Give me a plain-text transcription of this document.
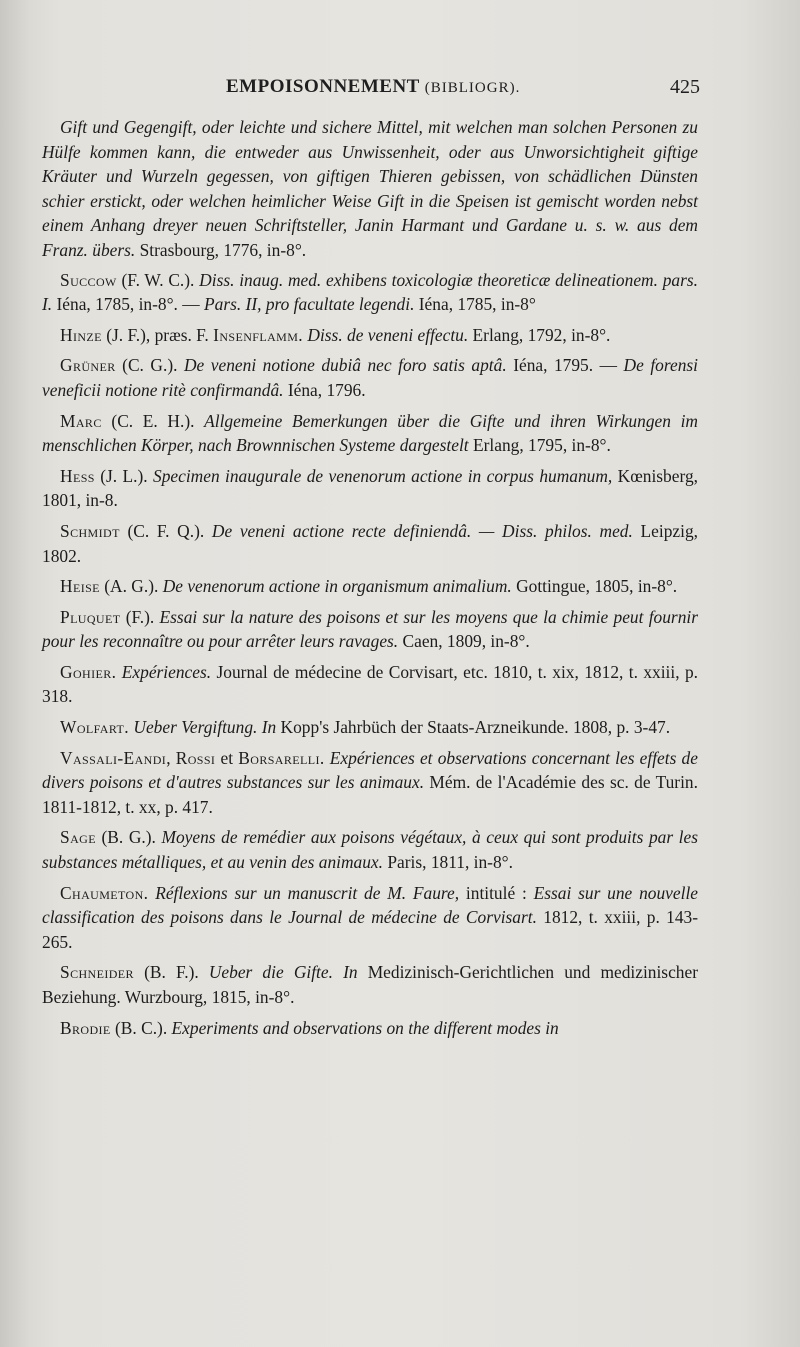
EMPOISONNEMENT (BIBLIOGR).	425

Gift und Gegengift, oder leichte und sichere Mittel, mit welchen man solchen Personen zu Hülfe kommen kann, die entweder aus Unwissenheit, oder aus Unworsichtigheit giftige Kräuter und Wurzeln gegessen, von giftigen Thieren gebissen, von schädlichen Dünsten schier erstickt, oder welchen heimlicher Weise Gift in die Speisen ist gemischt worden nebst einem Anhang dreyer neuen Schriftsteller, Janin Harmant und Gardane u. s. w. aus dem Franz. übers. Strasbourg, 1776, in-8°.

Succow (F. W. C.). Diss. inaug. med. exhibens toxicologiæ theoreticæ delineationem. pars. I. Iéna, 1785, in-8°. — Pars. II, pro facultate legendi. Iéna, 1785, in-8°

Hinze (J. F.), præs. F. Insenflamm. Diss. de veneni effectu. Erlang, 1792, in-8°.

Grüner (C. G.). De veneni notione dubiâ nec foro satis aptâ. Iéna, 1795. — De forensi veneficii notione ritè confirmandâ. Iéna, 1796.

Marc (C. E. H.). Allgemeine Bemerkungen über die Gifte und ihren Wirkungen im menschlichen Körper, nach Brownnischen Systeme dargestelt Erlang, 1795, in-8°.

Hess (J. L.). Specimen inaugurale de venenorum actione in corpus humanum, Kœnisberg, 1801, in-8.

Schmidt (C. F. Q.). De veneni actione recte definiendâ. — Diss. philos. med. Leipzig, 1802.

Heise (A. G.). De venenorum actione in organismum animalium. Gottingue, 1805, in-8°.

Pluquet (F.). Essai sur la nature des poisons et sur les moyens que la chimie peut fournir pour les reconnaître ou pour arrêter leurs ravages. Caen, 1809, in-8°.

Gohier. Expériences. Journal de médecine de Corvisart, etc. 1810, t. xix, 1812, t. xxiii, p. 318.

Wolfart. Ueber Vergiftung. In Kopp's Jahrbüch der Staats-Arzneikunde. 1808, p. 3-47.

Vassali-Eandi, Rossi et Borsarelli. Expériences et observations concernant les effets de divers poisons et d'autres substances sur les animaux. Mém. de l'Académie des sc. de Turin. 1811-1812, t. xx, p. 417.

Sage (B. G.). Moyens de remédier aux poisons végétaux, à ceux qui sont produits par les substances métalliques, et au venin des animaux. Paris, 1811, in-8°.

Chaumeton. Réflexions sur un manuscrit de M. Faure, intitulé : Essai sur une nouvelle classification des poisons dans le Journal de médecine de Corvisart. 1812, t. xxiii, p. 143-265.

Schneider (B. F.). Ueber die Gifte. In Medizinisch-Gerichtlichen und medizinischer Beziehung. Wurzbourg, 1815, in-8°.

Brodie (B. C.). Experiments and observations on the different modes in
